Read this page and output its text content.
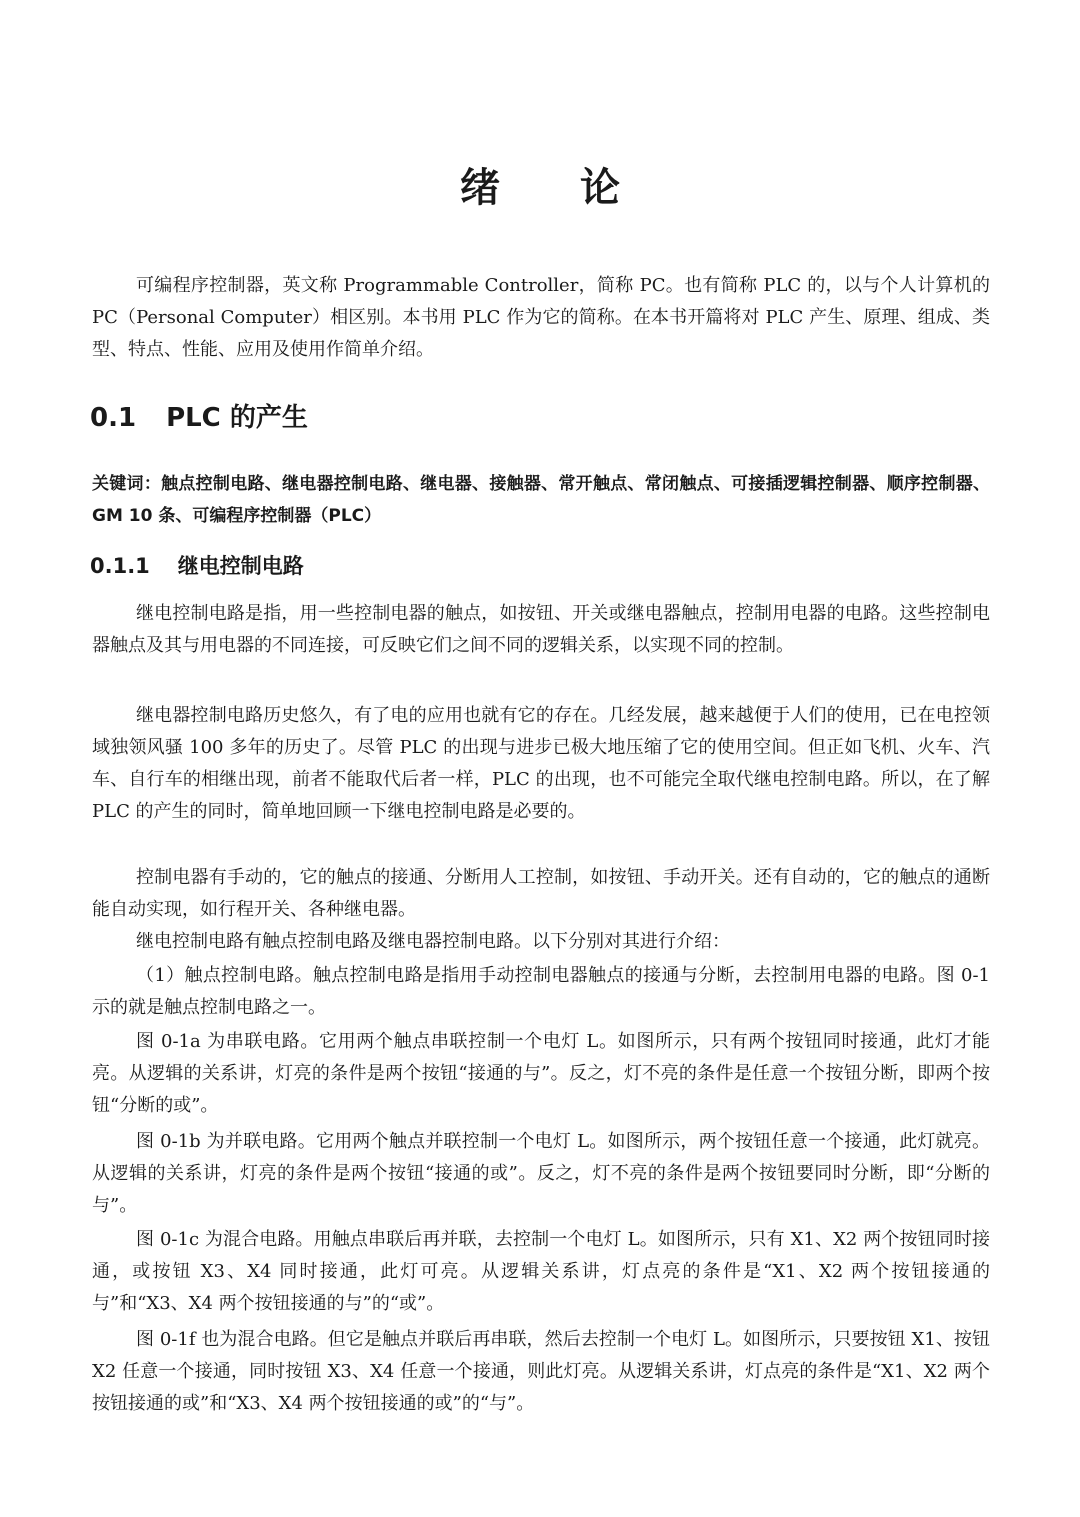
绪论

可编程序控制器，英文称 Programmable Controller，简称 PC。也有简称 PLC 的，以与个人计算机的 PC（Personal Computer）相区别。本书用 PLC 作为它的简称。在本书开篇将对 PLC 产生、原理、组成、类型、特点、性能、应用及使用作简单介绍。

0.1 PLC 的产生

关键词：触点控制电路、继电器控制电路、继电器、接触器、常开触点、常闭触点、可接插逻辑控制器、顺序控制器、GM 10 条、可编程序控制器（PLC）

0.1.1 继电控制电路

继电控制电路是指，用一些控制电器的触点，如按钮、开关或继电器触点，控制用电器的电路。这些控制电器触点及其与用电器的不同连接，可反映它们之间不同的逻辑关系，以实现不同的控制。

继电器控制电路历史悠久，有了电的应用也就有它的存在。几经发展，越来越便于人们的使用，已在电控领域独领风骚 100 多年的历史了。尽管 PLC 的出现与进步已极大地压缩了它的使用空间。但正如飞机、火车、汽车、自行车的相继出现，前者不能取代后者一样，PLC 的出现，也不可能完全取代继电控制电路。所以，在了解 PLC 的产生的同时，简单地回顾一下继电控制电路是必要的。

控制电器有手动的，它的触点的接通、分断用人工控制，如按钮、手动开关。还有自动的，它的触点的通断能自动实现，如行程开关、各种继电器。

继电控制电路有触点控制电路及继电器控制电路。以下分别对其进行介绍：

（1）触点控制电路。触点控制电路是指用手动控制电器触点的接通与分断，去控制用电器的电路。图 0-1 示的就是触点控制电路之一。

图 0-1a 为串联电路。它用两个触点串联控制一个电灯 L。如图所示，只有两个按钮同时接通，此灯才能亮。从逻辑的关系讲，灯亮的条件是两个按钮“接通的与”。反之，灯不亮的条件是任意一个按钮分断，即两个按钮“分断的或”。

图 0-1b 为并联电路。它用两个触点并联控制一个电灯 L。如图所示，两个按钮任意一个接通，此灯就亮。从逻辑的关系讲，灯亮的条件是两个按钮“接通的或”。反之，灯不亮的条件是两个按钮要同时分断，即“分断的与”。

图 0-1c 为混合电路。用触点串联后再并联，去控制一个电灯 L。如图所示，只有 X1、X2 两个按钮同时接通，或按钮 X3、X4 同时接通，此灯可亮。从逻辑关系讲，灯点亮的条件是“X1、X2 两个按钮接通的与”和“X3、X4 两个按钮接通的与”的“或”。

图 0-1f 也为混合电路。但它是触点并联后再串联，然后去控制一个电灯 L。如图所示，只要按钮 X1、按钮 X2 任意一个接通，同时按钮 X3、X4 任意一个接通，则此灯亮。从逻辑关系讲，灯点亮的条件是“X1、X2 两个按钮接通的或”和“X3、X4 两个按钮接通的或”的“与”。
